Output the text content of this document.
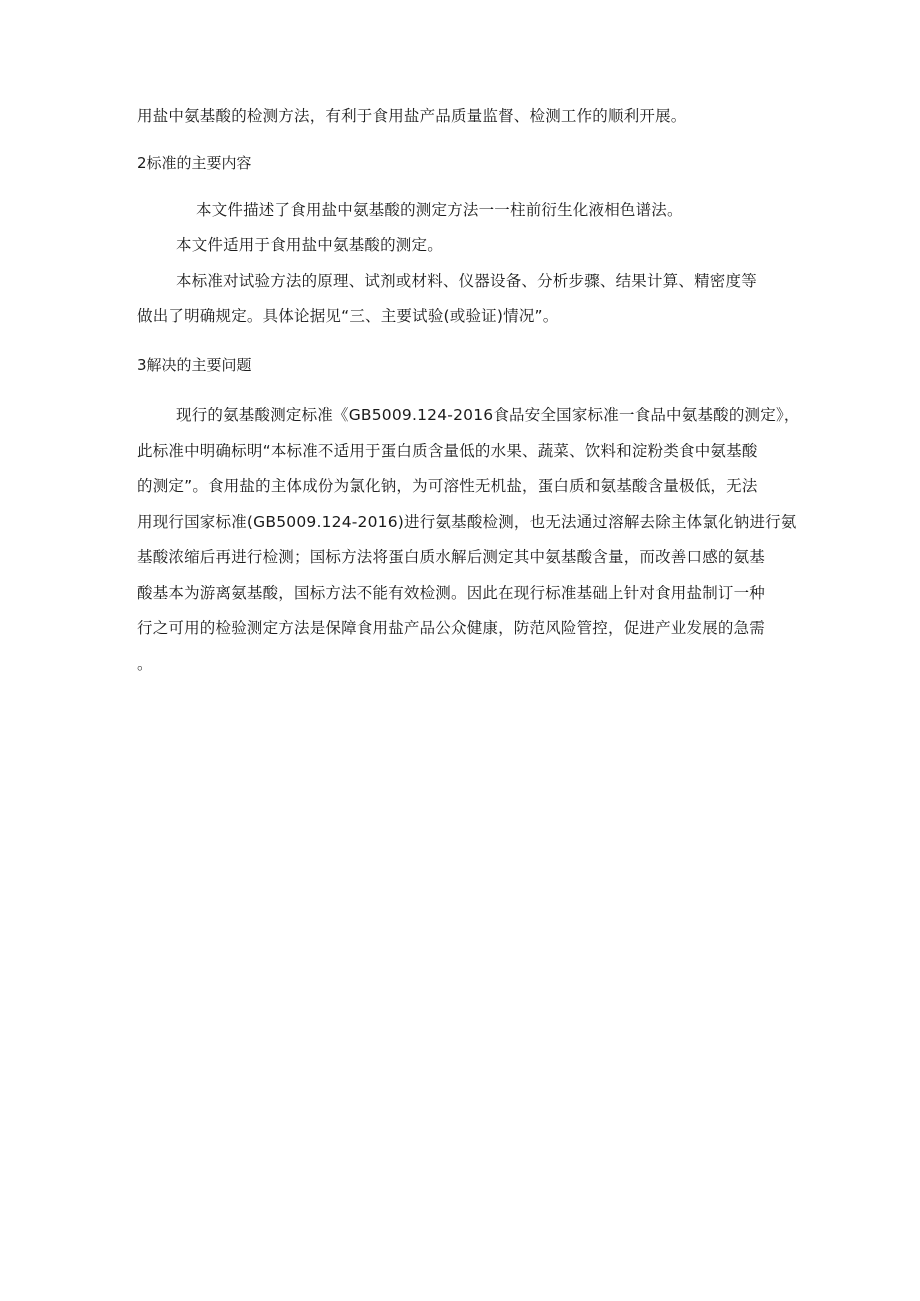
用盐中氨基酸的检测方法，有利于食用盐产品质量监督、检测工作的顺利开展。
2标准的主要内容
本文件描述了食用盐中氨基酸的测定方法一一柱前衍生化液相色谱法。
本文件适用于食用盐中氨基酸的测定。
本标准对试验方法的原理、试剂或材料、仪器设备、分析步骤、结果计算、精密度等
做出了明确规定。具体论据见“三、主要试验(或验证)情况”。
3解决的主要问题
现行的氨基酸测定标准《GB5009.124-2016食品安全国家标准一食品中氨基酸的测定》，
此标准中明确标明“本标准不适用于蛋白质含量低的水果、蔬菜、饮料和淀粉类食中氨基酸
的测定”。食用盐的主体成份为氯化钠，为可溶性无机盐，蛋白质和氨基酸含量极低，无法
用现行国家标准(GB5009.124-2016)进行氨基酸检测，也无法通过溶解去除主体氯化钠进行氨
基酸浓缩后再进行检测；国标方法将蛋白质水解后测定其中氨基酸含量，而改善口感的氨基
酸基本为游离氨基酸，国标方法不能有效检测。因此在现行标准基础上针对食用盐制订一种
行之可用的检验测定方法是保障食用盐产品公众健康，防范风险管控，促进产业发展的急需
。
